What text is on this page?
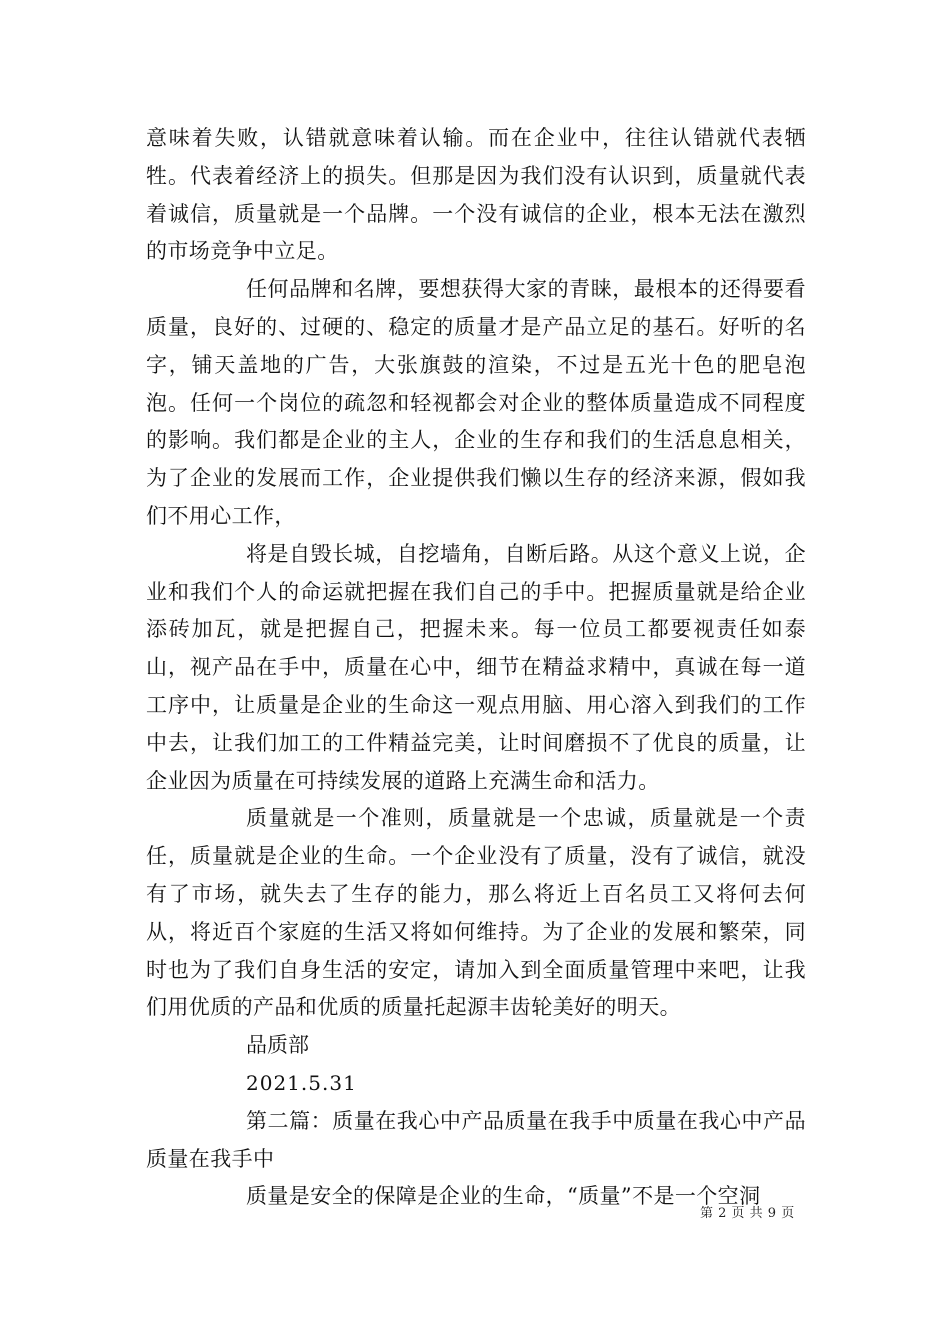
意味着失败，认错就意味着认输。而在企业中，往往认错就代表牺牲。代表着经济上的损失。但那是因为我们没有认识到，质量就代表着诚信，质量就是一个品牌。一个没有诚信的企业，根本无法在激烈的市场竞争中立足。

任何品牌和名牌，要想获得大家的青睐，最根本的还得要看质量，良好的、过硬的、稳定的质量才是产品立足的基石。好听的名字，铺天盖地的广告，大张旗鼓的渲染，不过是五光十色的肥皂泡泡。任何一个岗位的疏忽和轻视都会对企业的整体质量造成不同程度的影响。我们都是企业的主人，企业的生存和我们的生活息息相关，为了企业的发展而工作，企业提供我们懒以生存的经济来源，假如我们不用心工作，

将是自毁长城，自挖墙角，自断后路。从这个意义上说，企业和我们个人的命运就把握在我们自己的手中。把握质量就是给企业添砖加瓦，就是把握自己，把握未来。每一位员工都要视责任如泰山，视产品在手中，质量在心中，细节在精益求精中，真诚在每一道工序中，让质量是企业的生命这一观点用脑、用心溶入到我们的工作中去，让我们加工的工件精益完美，让时间磨损不了优良的质量，让企业因为质量在可持续发展的道路上充满生命和活力。

质量就是一个准则，质量就是一个忠诚，质量就是一个责任，质量就是企业的生命。一个企业没有了质量，没有了诚信，就没有了市场，就失去了生存的能力，那么将近上百名员工又将何去何从，将近百个家庭的生活又将如何维持。为了企业的发展和繁荣，同时也为了我们自身生活的安定，请加入到全面质量管理中来吧，让我们用优质的产品和优质的质量托起源丰齿轮美好的明天。

品质部

2021.5.31

第二篇：质量在我心中产品质量在我手中质量在我心中产品质量在我手中

质量是安全的保障是企业的生命，“质量”不是一个空洞

第 2 页 共 9 页
